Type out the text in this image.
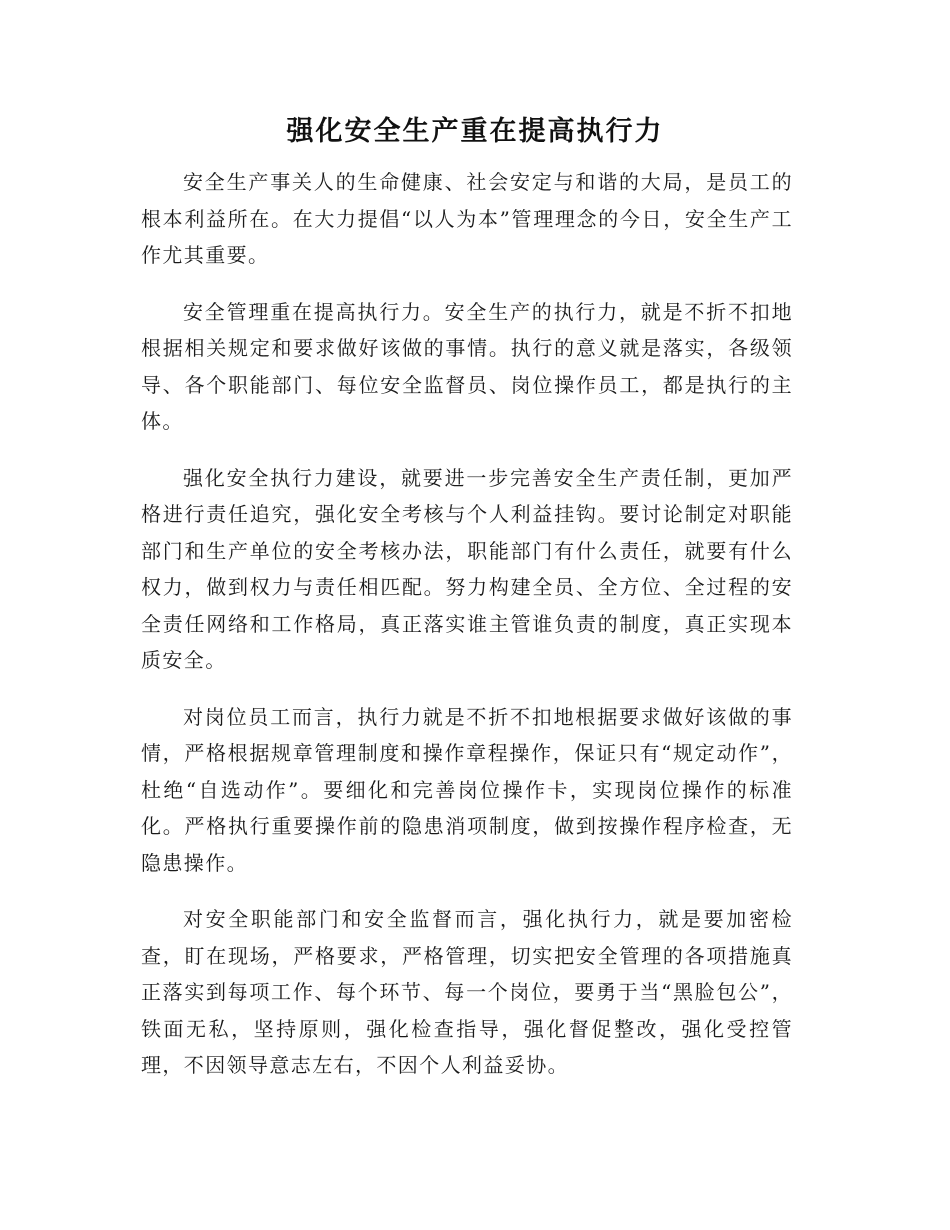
强化安全生产重在提高执行力

安全生产事关人的生命健康、社会安定与和谐的大局，是员工的根本利益所在。在大力提倡“以人为本”管理理念的今日，安全生产工作尤其重要。

安全管理重在提高执行力。安全生产的执行力，就是不折不扣地根据相关规定和要求做好该做的事情。执行的意义就是落实，各级领导、各个职能部门、每位安全监督员、岗位操作员工，都是执行的主体。

强化安全执行力建设，就要进一步完善安全生产责任制，更加严格进行责任追究，强化安全考核与个人利益挂钩。要讨论制定对职能部门和生产单位的安全考核办法，职能部门有什么责任，就要有什么权力，做到权力与责任相匹配。努力构建全员、全方位、全过程的安全责任网络和工作格局，真正落实谁主管谁负责的制度，真正实现本质安全。

对岗位员工而言，执行力就是不折不扣地根据要求做好该做的事情，严格根据规章管理制度和操作章程操作，保证只有“规定动作”，杜绝“自选动作”。要细化和完善岗位操作卡，实现岗位操作的标准化。严格执行重要操作前的隐患消项制度，做到按操作程序检查，无隐患操作。

对安全职能部门和安全监督而言，强化执行力，就是要加密检查，盯在现场，严格要求，严格管理，切实把安全管理的各项措施真正落实到每项工作、每个环节、每一个岗位，要勇于当“黑脸包公”，铁面无私，坚持原则，强化检查指导，强化督促整改，强化受控管理，不因领导意志左右，不因个人利益妥协。
